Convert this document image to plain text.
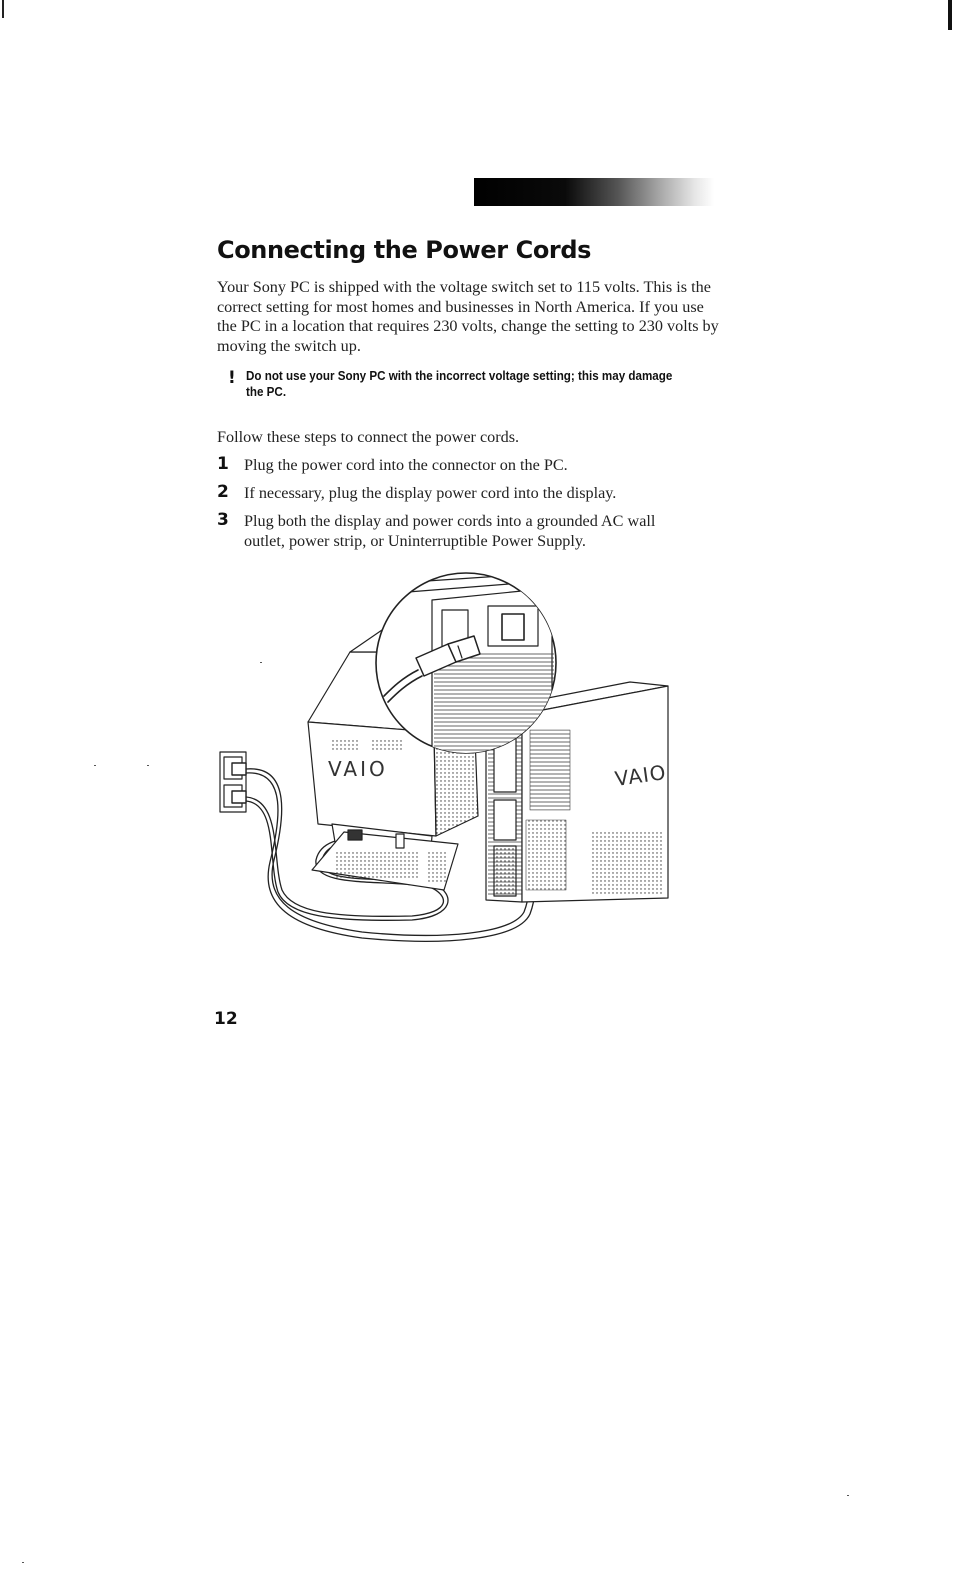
Connecting the Power Cords

Your Sony PC is shipped with the voltage switch set to 115 volts. This is the correct setting for most homes and businesses in North America. If you use the PC in a location that requires 230 volts, change the setting to 230 volts by moving the switch up.

! Do not use your Sony PC with the incorrect voltage setting; this may damage the PC.

Follow these steps to connect the power cords.

1 Plug the power cord into the connector on the PC.
2 If necessary, plug the display power cord into the display.
3 Plug both the display and power cords into a grounded AC wall outlet, power strip, or Uninterruptible Power Supply.
VAIO	VAIO
12
